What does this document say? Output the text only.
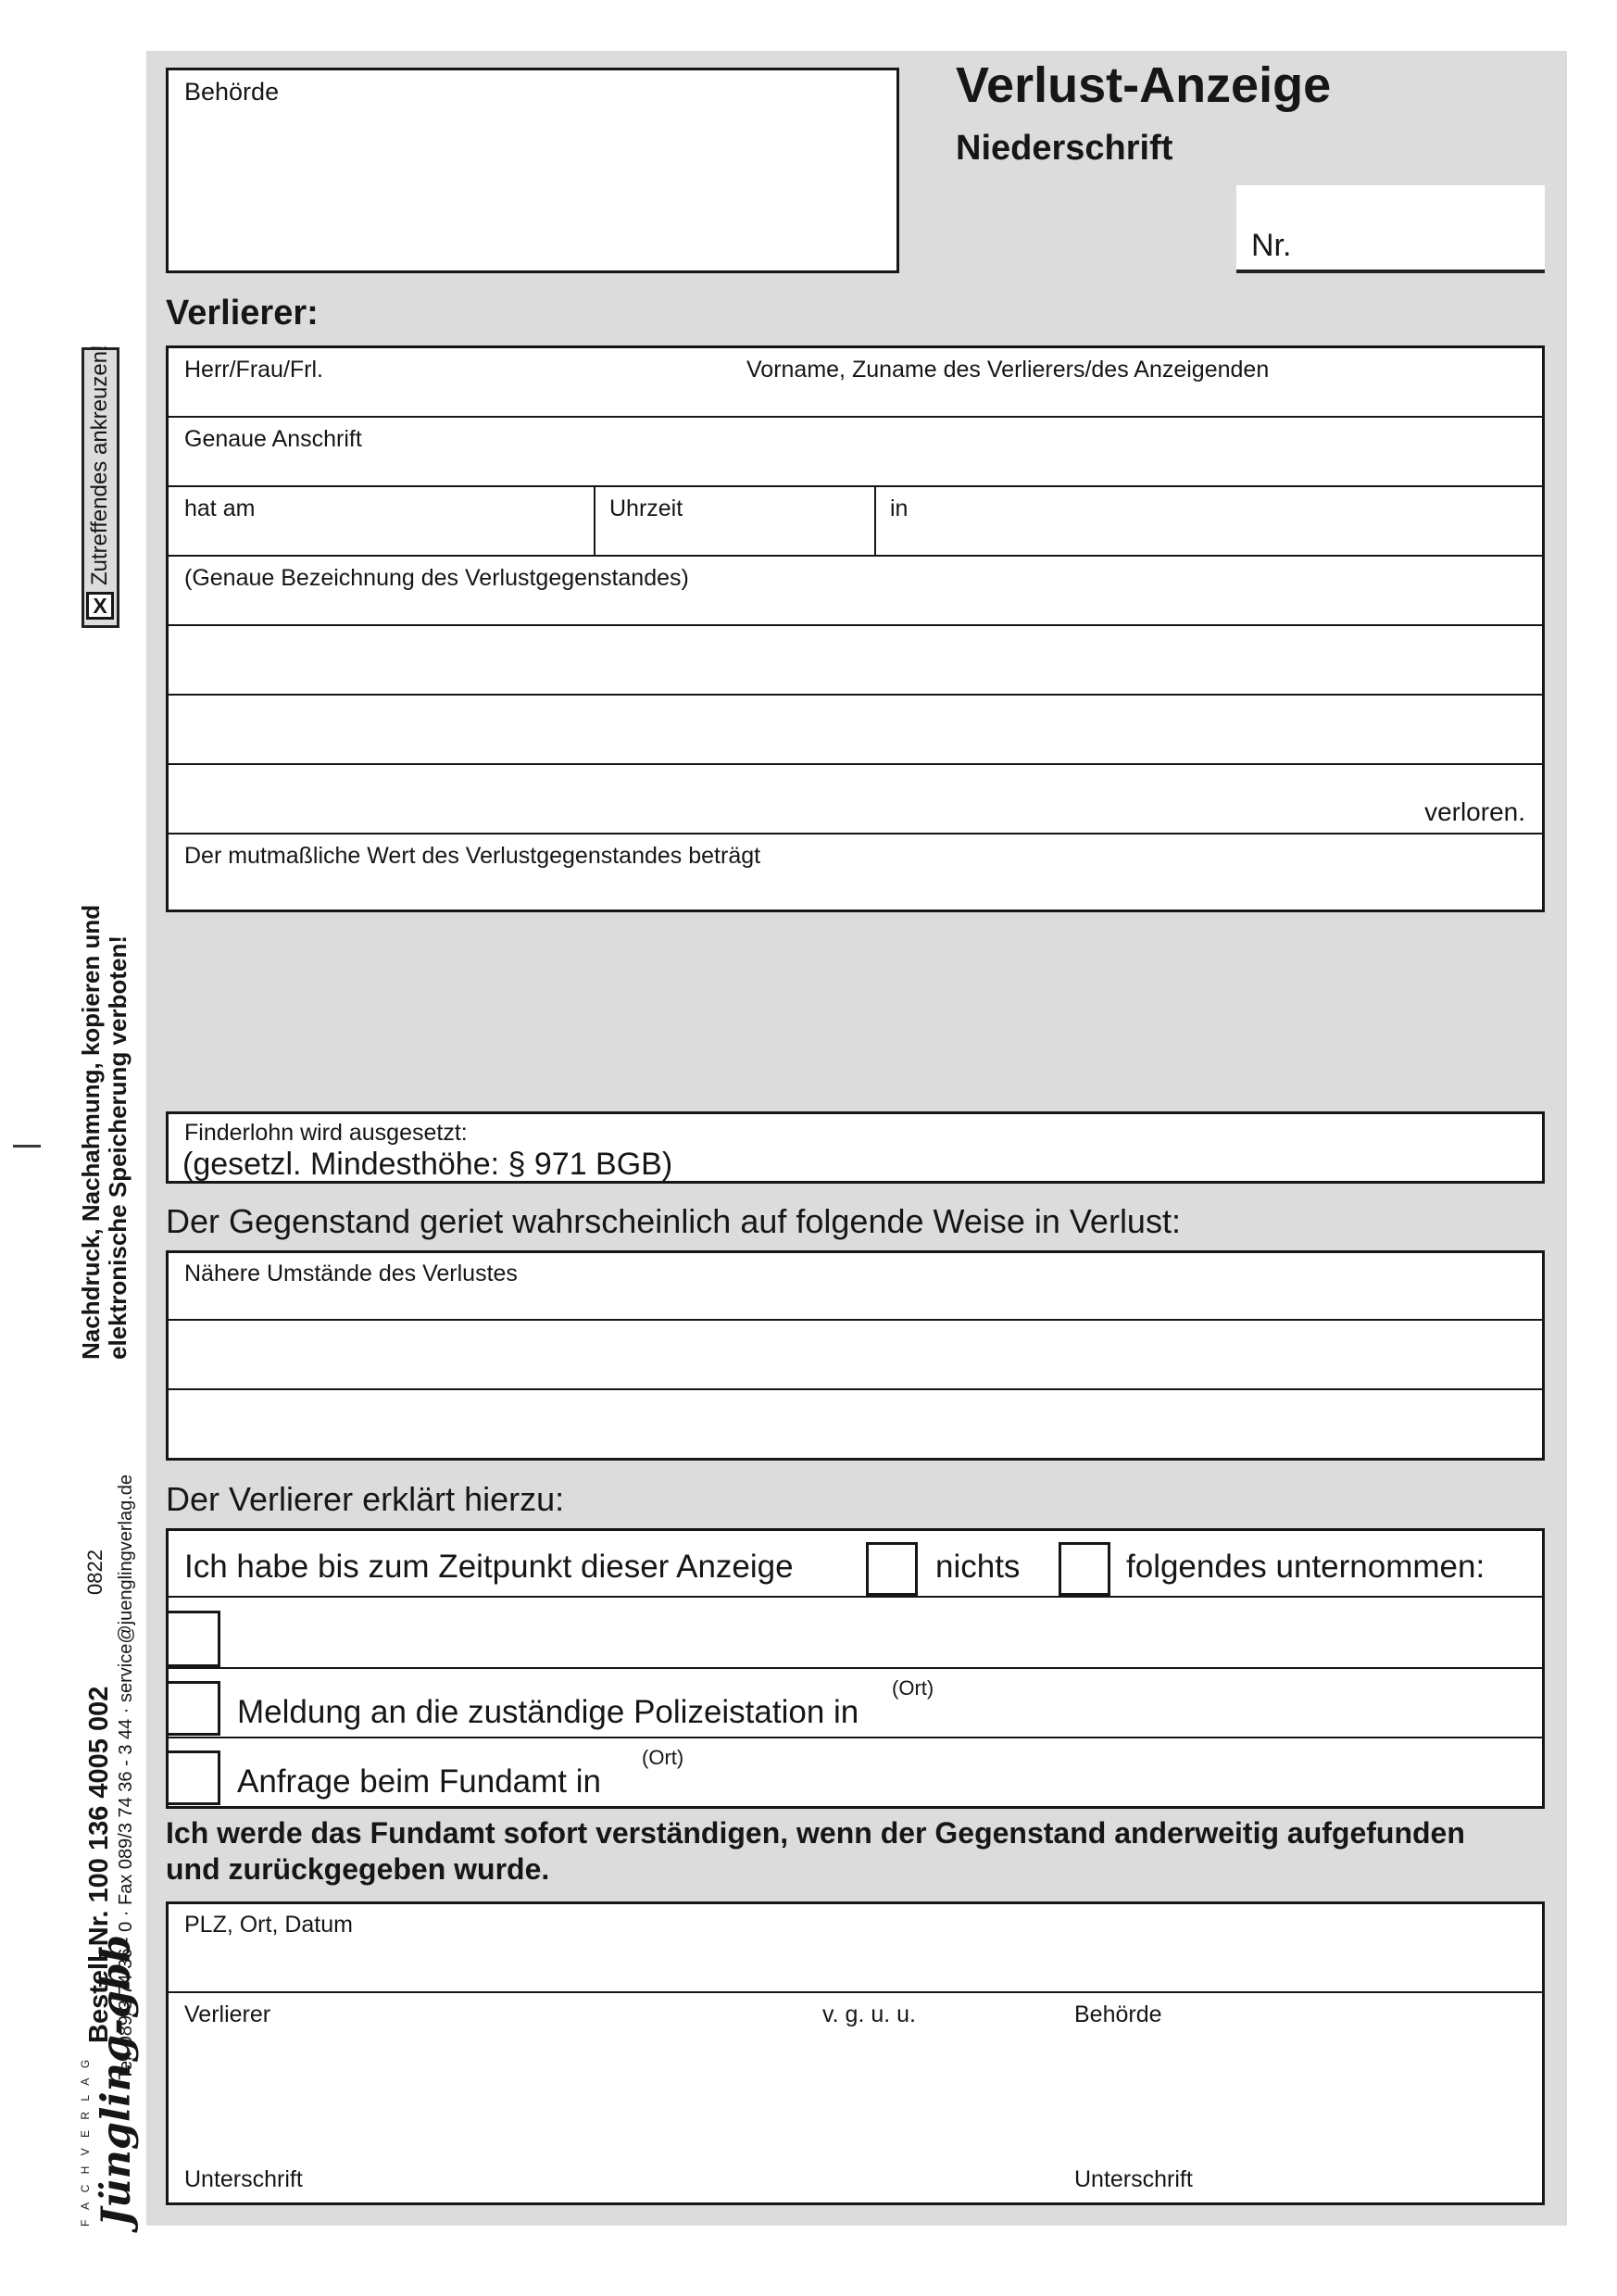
Zutreffendes ankreuzen!
X
Nachdruck, Nachahmung, kopieren und
elektronische Speicherung verboten!
0822
Bestell-Nr. 100 136 4005 002 Tel. 089/3 74 36 - 0 · Fax 089/3 74 36 - 3 44 · service@juenglingverlag.de
F A C H V E R L A G
Jüngling-gbb
Behörde	Verlust-Anzeige
Niederschrift
Nr.
Verlierer:
Herr/Frau/Frl.	Vorname, Zuname des Verlierers/des Anzeigenden
Genaue Anschrift
hat am	Uhrzeit	in
(Genaue Bezeichnung des Verlustgegenstandes)
verloren.
Der mutmaßliche Wert des Verlustgegenstandes beträgt
Finderlohn wird ausgesetzt:
(gesetzl. Mindesthöhe: § 971 BGB)
Der Gegenstand geriet wahrscheinlich auf folgende Weise in Verlust:
Nähere Umstände des Verlustes
Der Verlierer erklärt hierzu:
Ich habe bis zum Zeitpunkt dieser Anzeige	nichts	folgendes unternommen:
Meldung an die zuständige Polizeistation in
(Ort)
Anfrage beim Fundamt in
(Ort)
Ich werde das Fundamt sofort verständigen, wenn der Gegenstand anderweitig aufgefunden
und zurückgegeben wurde.
PLZ, Ort, Datum
Verlierer	v. g. u. u.	Behörde
Unterschrift	Unterschrift
